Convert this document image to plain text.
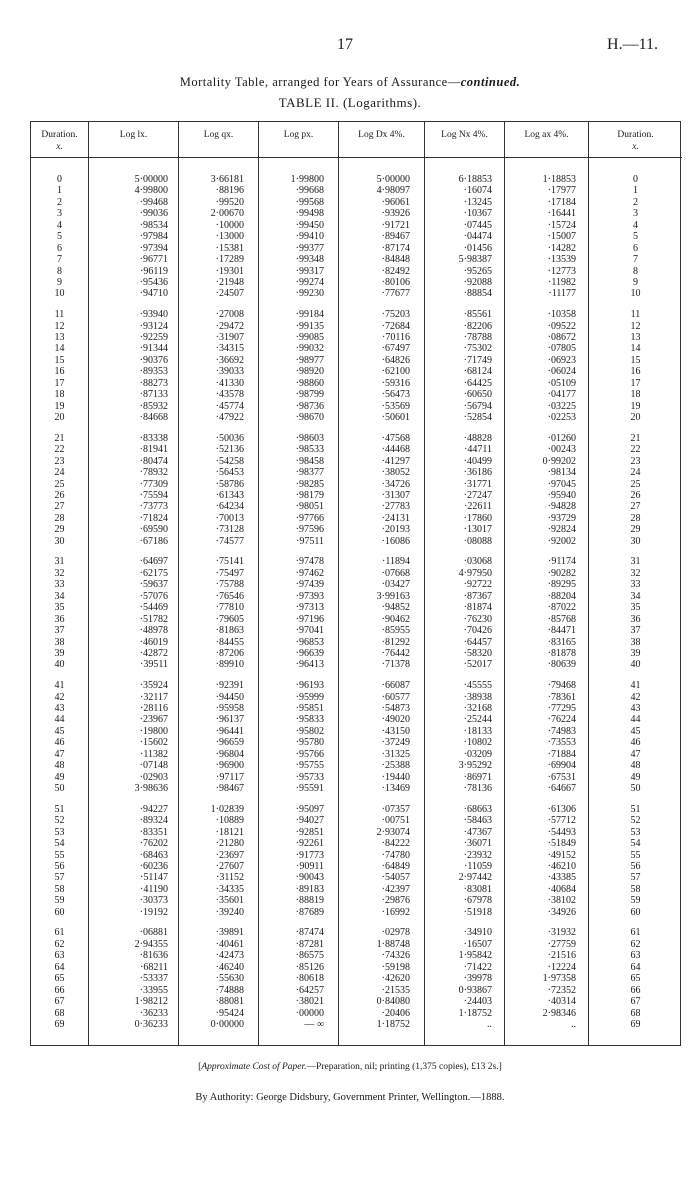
17	H.—11.
Mortality Table, arranged for Years of Assurance—continued.
TABLE II. (Logarithms).
Duration.
x.
0
1
2
3
4
5
6
7
8
9
10
11
12
13
14
15
16
17
18
19
20
21
22
23
24
25
26
27
28
29
30
31
32
33
34
35
36
37
38
39
40
41
42
43
44
45
46
47
48
49
50
51
52
53
54
55
56
57
58
59
60
61
62
63
64
65
66
67
68
69
Log lx.
5·00000
4·99800
·99468
·99036
·98534
·97984
·97394
·96771
·96119
·95436
·94710
·93940
·93124
·92259
·91344
·90376
·89353
·88273
·87133
·85932
·84668
·83338
·81941
·80474
·78932
·77309
·75594
·73773
·71824
·69590
·67186
·64697
·62175
·59637
·57076
·54469
·51782
·48978
·46019
·42872
·39511
·35924
·32117
·28116
·23967
·19800
·15602
·11382
·07148
·02903
3·98636
·94227
·89324
·83351
·76202
·68463
·60236
·51147
·41190
·30373
·19192
·06881
2·94355
·81636
·68211
·53337
·33955
1·98212
·36233
0·36233
Log qx.
3·66181
·88196
·99520
2·00670
·10000
·13000
·15381
·17289
·19301
·21948
·24507
·27008
·29472
·31907
·34315
·36692
·39033
·41330
·43578
·45774
·47922
·50036
·52136
·54258
·56453
·58786
·61343
·64234
·70013
·73128
·74577
·75141
·75497
·75788
·76546
·77810
·79605
·81863
·84455
·87206
·89910
·92391
·94450
·95958
·96137
·96441
·96659
·96804
·96900
·97117
·98467
1·02839
·10889
·18121
·21280
·23697
·27607
·31152
·34335
·35601
·39240
·39891
·40461
·42473
·46240
·55630
·74888
·88081
·95424
0·00000
Log px.
1·99800
·99668
·99568
·99498
·99450
·99410
·99377
·99348
·99317
·99274
·99230
·99184
·99135
·99085
·99032
·98977
·98920
·98860
·98799
·98736
·98670
·98603
·98533
·98458
·98377
·98285
·98179
·98051
·97766
·97596
·97511
·97478
·97462
·97439
·97393
·97313
·97196
·97041
·96853
·96639
·96413
·96193
·95999
·95851
·95833
·95802
·95780
·95766
·95755
·95733
·95591
·95097
·94027
·92851
·92261
·91773
·90911
·90043
·89183
·88819
·87689
·87474
·87281
·86575
·85126
·80618
·64257
·38021
·00000
— ∞
Log Dx 4%.
5·00000
4·98097
·96061
·93926
·91721
·89467
·87174
·84848
·82492
·80106
·77677
·75203
·72684
·70116
·67497
·64826
·62100
·59316
·56473
·53569
·50601
·47568
·44468
·41297
·38052
·34726
·31307
·27783
·24131
·20193
·16086
·11894
·07668
·03427
3·99163
·94852
·90462
·85955
·81292
·76442
·71378
·66087
·60577
·54873
·49020
·43150
·37249
·31325
·25388
·19440
·13469
·07357
·00751
2·93074
·84222
·74780
·64849
·54057
·42397
·29876
·16992
·02978
1·88748
·74326
·59198
·42620
·21535
0·84080
·20406
1·18752
Log Nx 4%.
6·18853
·16074
·13245
·10367
·07445
·04474
·01456
5·98387
·95265
·92088
·88854
·85561
·82206
·78788
·75302
·71749
·68124
·64425
·60650
·56794
·52854
·48828
·44711
·40499
·36186
·31771
·27247
·22611
·17860
·13017
·08088
·03068
4·97950
·92722
·87367
·81874
·76230
·70426
·64457
·58320
·52017
·45555
·38938
·32168
·25244
·18133
·10802
·03209
3·95292
·86971
·78136
·68663
·58463
·47367
·36071
·23932
·11059
2·97442
·83081
·67978
·51918
·34910
·16507
1·95842
·71422
·39978
0·93867
·24403
1·18752
..
Log ax 4%.
1·18853
·17977
·17184
·16441
·15724
·15007
·14282
·13539
·12773
·11982
·11177
·10358
·09522
·08672
·07805
·06923
·06024
·05109
·04177
·03225
·02253
·01260
·00243
0·99202
·98134
·97045
·95940
·94828
·93729
·92824
·92002
·91174
·90282
·89295
·88204
·87022
·85768
·84471
·83165
·81878
·80639
·79468
·78361
·77295
·76224
·74983
·73553
·71884
·69904
·67531
·64667
·61306
·57712
·54493
·51849
·49152
·46210
·43385
·40684
·38102
·34926
·31932
·27759
·21516
·12224
1·97358
·72352
·40314
2·98346
..
Duration.
x.
0
1
2
3
4
5
6
7
8
9
10
11
12
13
14
15
16
17
18
19
20
21
22
23
24
25
26
27
28
29
30
31
32
33
34
35
36
37
38
39
40
41
42
43
44
45
46
47
48
49
50
51
52
53
54
55
56
57
58
59
60
61
62
63
64
65
66
67
68
69
[Approximate Cost of Paper.—Preparation, nil; printing (1,375 copies), £13 2s.]
By Authority: George Didsbury, Government Printer, Wellington.—1888.
